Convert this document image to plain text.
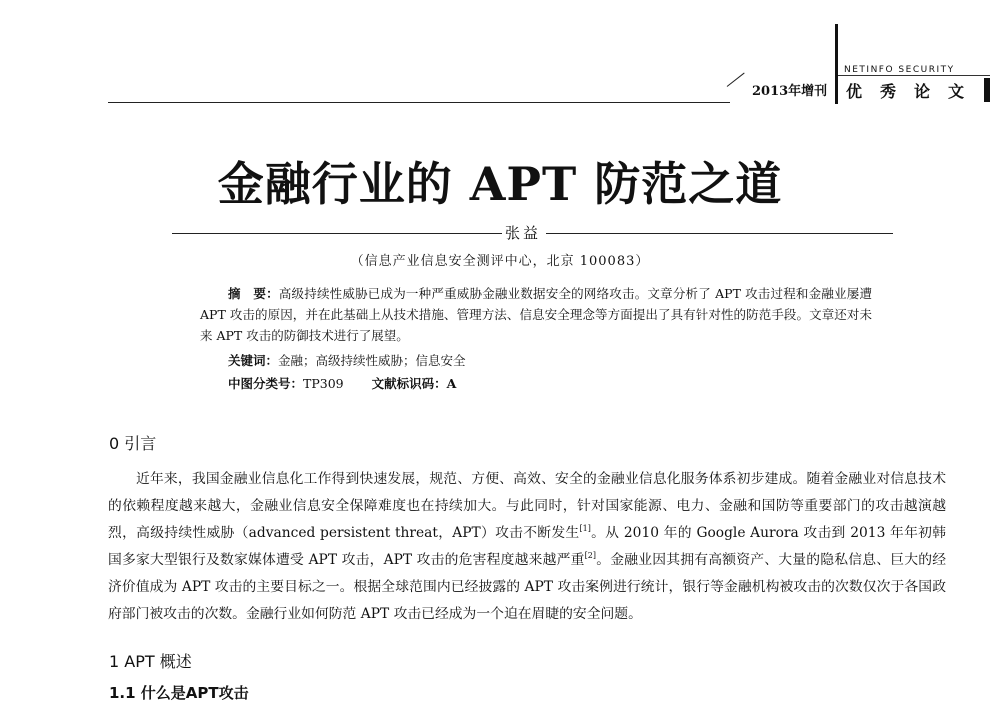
2013年增刊
NETINFO SECURITY
优秀论文
金融行业的 APT 防范之道
张益
（信息产业信息安全测评中心，北京 100083）
摘　要：高级持续性威胁已成为一种严重威胁金融业数据安全的网络攻击。文章分析了 APT 攻击过程和金融业屡遭 APT 攻击的原因，并在此基础上从技术措施、管理方法、信息安全理念等方面提出了具有针对性的防范手段。文章还对未来 APT 攻击的防御技术进行了展望。
关键词：金融；高级持续性威胁；信息安全
中图分类号：TP309 文献标识码：A
0 引言
近年来，我国金融业信息化工作得到快速发展，规范、方便、高效、安全的金融业信息化服务体系初步建成。随着金融业对信息技术的依赖程度越来越大，金融业信息安全保障难度也在持续加大。与此同时，针对国家能源、电力、金融和国防等重要部门的攻击越演越烈，高级持续性威胁（advanced persistent threat，APT）攻击不断发生[1]。从 2010 年的 Google Aurora 攻击到 2013 年年初韩国多家大型银行及数家媒体遭受 APT 攻击，APT 攻击的危害程度越来越严重[2]。金融业因其拥有高额资产、大量的隐私信息、巨大的经济价值成为 APT 攻击的主要目标之一。根据全球范围内已经披露的 APT 攻击案例进行统计，银行等金融机构被攻击的次数仅次于各国政府部门被攻击的次数。金融行业如何防范 APT 攻击已经成为一个迫在眉睫的安全问题。
1 APT 概述
1.1 什么是APT攻击
